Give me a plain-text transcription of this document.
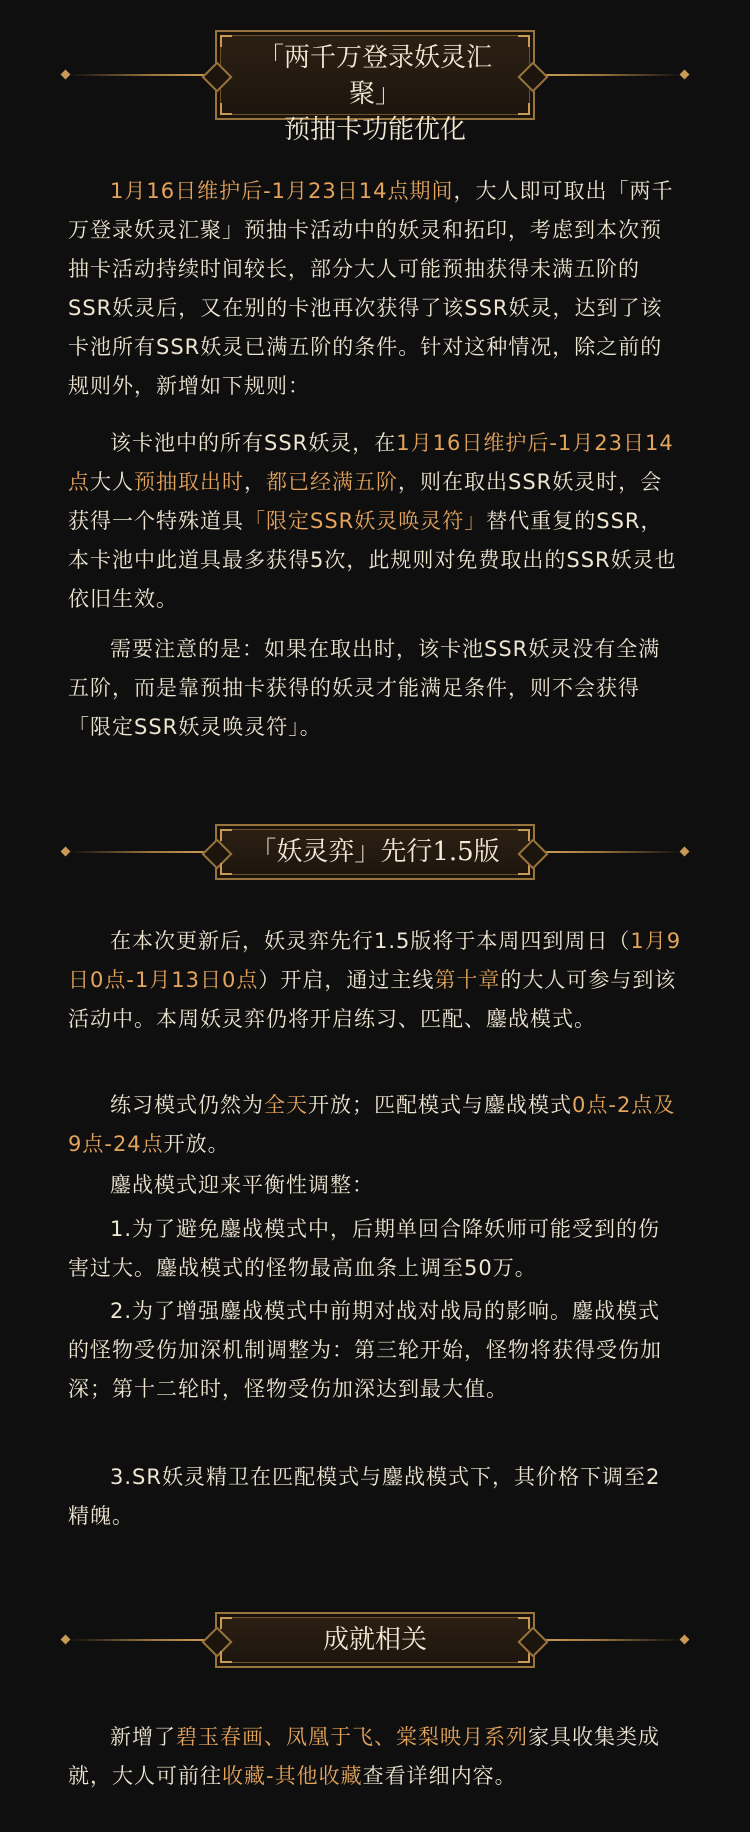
「两千万登录妖灵汇聚」
预抽卡功能优化
1月16日维护后-1月23日14点期间，大人即可取出「两千万登录妖灵汇聚」预抽卡活动中的妖灵和拓印，考虑到本次预抽卡活动持续时间较长，部分大人可能预抽获得未满五阶的SSR妖灵后，又在别的卡池再次获得了该SSR妖灵，达到了该卡池所有SSR妖灵已满五阶的条件。针对这种情况，除之前的规则外，新增如下规则：
该卡池中的所有SSR妖灵，在1月16日维护后-1月23日14点大人预抽取出时，都已经满五阶，则在取出SSR妖灵时，会获得一个特殊道具「限定SSR妖灵唤灵符」替代重复的SSR，本卡池中此道具最多获得5次，此规则对免费取出的SSR妖灵也依旧生效。
需要注意的是：如果在取出时，该卡池SSR妖灵没有全满五阶，而是靠预抽卡获得的妖灵才能满足条件，则不会获得「限定SSR妖灵唤灵符」。
「妖灵弈」先行1.5版
在本次更新后，妖灵弈先行1.5版将于本周四到周日（1月9日0点-1月13日0点）开启，通过主线第十章的大人可参与到该活动中。本周妖灵弈仍将开启练习、匹配、鏖战模式。
练习模式仍然为全天开放；匹配模式与鏖战模式0点-2点及9点-24点开放。
鏖战模式迎来平衡性调整：
1.为了避免鏖战模式中，后期单回合降妖师可能受到的伤害过大。鏖战模式的怪物最高血条上调至50万。
2.为了增强鏖战模式中前期对战对战局的影响。鏖战模式的怪物受伤加深机制调整为：第三轮开始，怪物将获得受伤加深；第十二轮时，怪物受伤加深达到最大值。
3.SR妖灵精卫在匹配模式与鏖战模式下，其价格下调至2精魄。
成就相关
新增了碧玉春画、凤凰于飞、棠梨映月系列家具收集类成就，大人可前往收藏-其他收藏查看详细内容。
